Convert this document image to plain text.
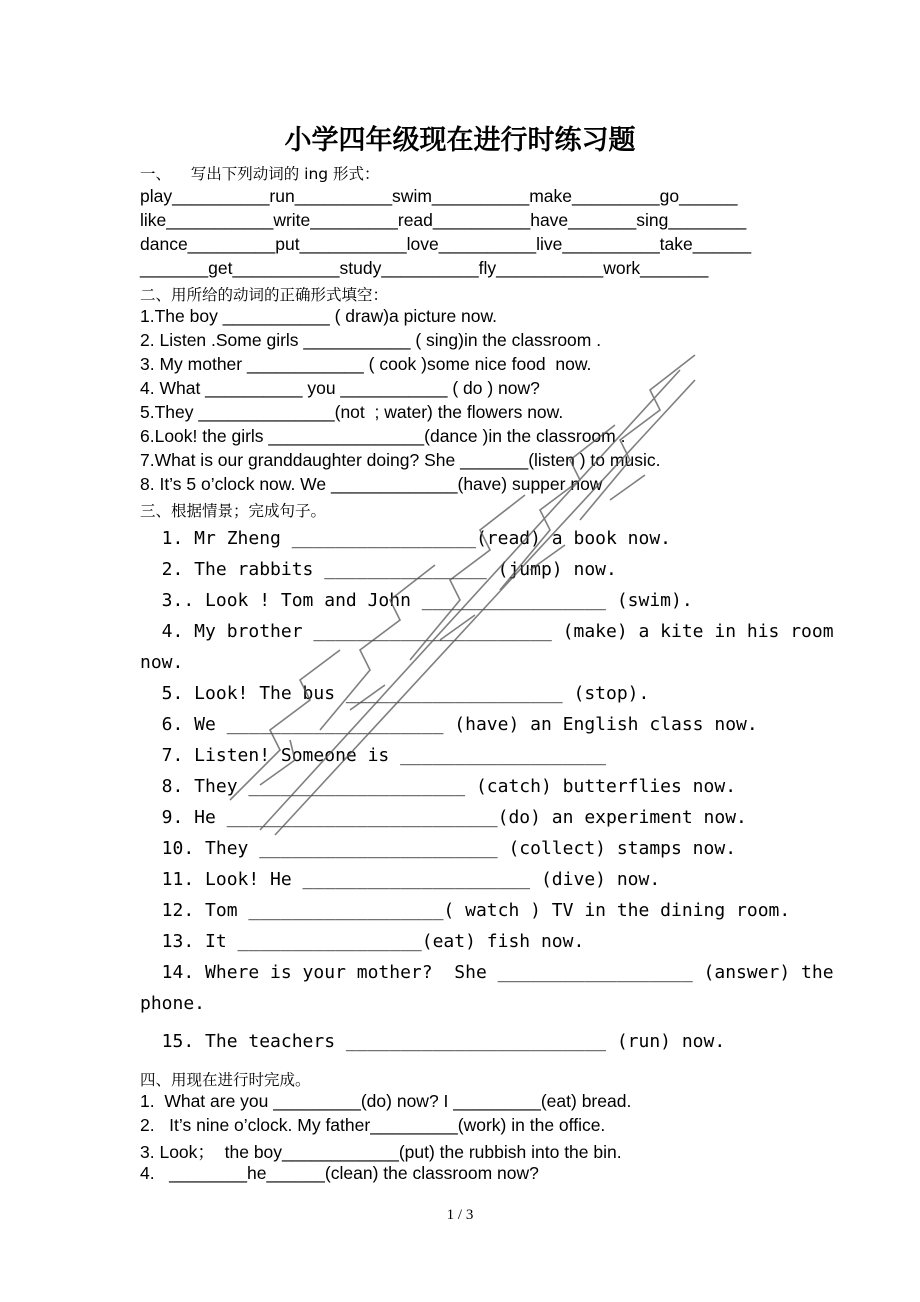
小学四年级现在进行时练习题
一、    写出下列动词的 ing 形式：
play__________run__________swim__________make_________go______
like___________write_________read__________have_______sing________
dance_________put___________love__________live__________take______
_______get___________study__________fly___________work_______
二、用所给的动词的正确形式填空：
1.The boy ___________ ( draw)a picture now.
2. Listen .Some girls ___________ ( sing)in the classroom .
3. My mother ____________ ( cook )some nice food  now.
4. What __________ you ___________ ( do ) now?
5.They ______________(not  ; water) the flowers now.
6.Look! the girls ________________(dance )in the classroom .
7.What is our granddaughter doing? She _______(listen ) to music.
8. It’s 5 o’clock now. We _____________(have) supper now
三、根据情景；完成句子。
1. Mr Zheng _________________(read) a book now.
2. The rabbits _______________ (jump) now.
3.. Look ! Tom and John _________________ (swim).
4. My brother ______________________ (make) a kite in his room
now.
5. Look! The bus ____________________ (stop).
6. We ____________________ (have) an English class now.
7. Listen! Someone is ___________________
8. They ____________________ (catch) butterflies now.
9. He _________________________(do) an experiment now.
10. They ______________________ (collect) stamps now.
11. Look! He _____________________ (dive) now.
12. Tom __________________( watch ) TV in the dining room.
13. It _________________(eat) fish now.
14. Where is your mother?  She __________________ (answer) the
phone.
15. The teachers ________________________ (run) now.
四、用现在进行时完成。
1.  What are you _________(do) now? I _________(eat) bread.
2.   It’s nine o’clock. My father_________(work) in the office.
3. Look；  the boy____________(put) the rubbish into the bin.
4.   ________he______(clean) the classroom now?
1 / 3
